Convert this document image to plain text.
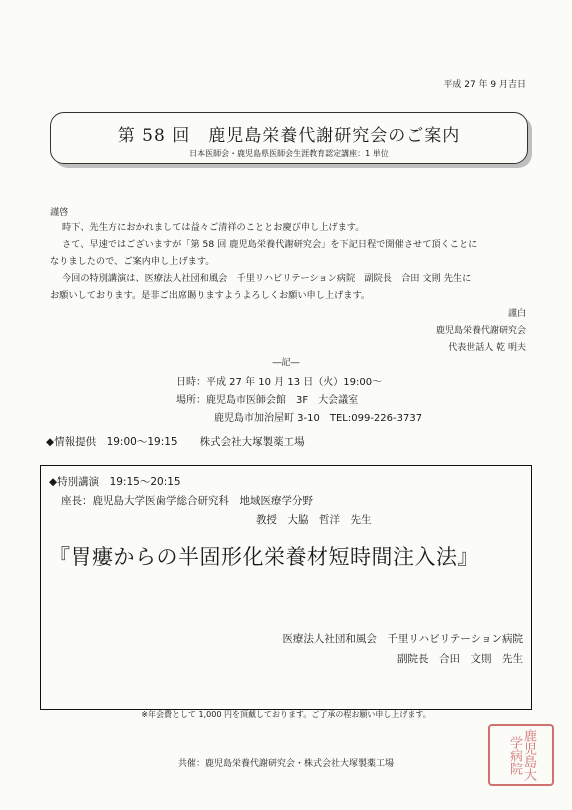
平成 27 年 9 月吉日
第 58 回　鹿児島栄養代謝研究会のご案内
日本医師会・鹿児島県医師会生涯教育認定講座：1 単位
謹啓
時下、先生方におかれましては益々ご清祥のこととお慶び申し上げます。
さて、早速ではございますが「第 58 回 鹿児島栄養代謝研究会」を下記日程で開催させて頂くことに
なりましたので、ご案内申し上げます。
今回の特別講演は、医療法人社団和風会　千里リハビリテーション病院　副院長　合田 文則 先生に
お願いしております。是非ご出席賜りますようよろしくお願い申し上げます。
謹白
鹿児島栄養代謝研究会
代表世話人 乾 明夫
―記―
日時：平成 27 年 10 月 13 日（火）19:00～
場所：鹿児島市医師会館　3F　大会議室
鹿児島市加治屋町 3-10　TEL:099-226-3737
◆情報提供　19:00～19:15 株式会社大塚製薬工場
◆特別講演　19:15～20:15
座長：鹿児島大学医歯学総合研究科　地域医療学分野
教授　大脇　哲洋　先生
『胃瘻からの半固形化栄養材短時間注入法』
医療法人社団和風会　千里リハビリテーション病院
副院長　合田　文則　先生
※年会費として 1,000 円を頂戴しております。ご了承の程お願い申し上げます。
共催：鹿児島栄養代謝研究会・株式会社大塚製薬工場	鹿児島大学病院
